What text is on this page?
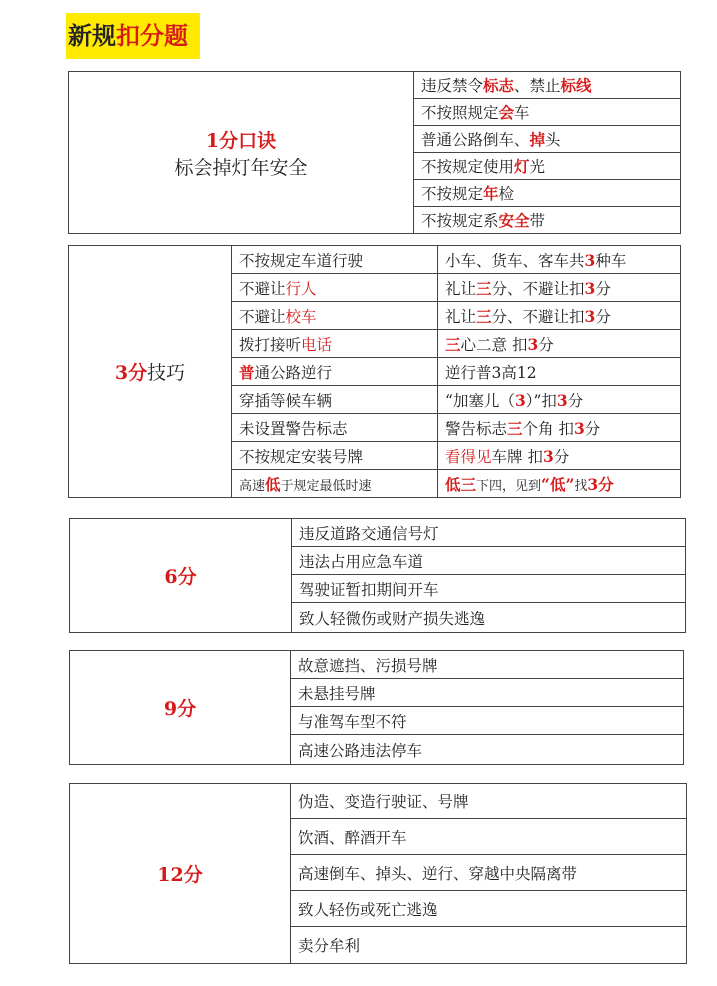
新规扣分题
1分口诀
标会掉灯年安全	违反禁令标志、禁止标线
不按照规定会车
普通公路倒车、掉头
不按规定使用灯光
不按规定年检
不按规定系安全带
3分技巧	不按规定车道行驶	小车、货车、客车共3种车
	不避让行人	礼让三分、不避让扣3分
	不避让校车	礼让三分、不避让扣3分
	拨打接听电话	三心二意 扣3分
	普通公路逆行	逆行普3高12
	穿插等候车辆	“加塞儿（3）”扣3分
	未设置警告标志	警告标志三个角 扣3分
	不按规定安装号牌	看得见车牌 扣3分
	高速低于规定最低时速	低三下四，见到“低”找3分
6分	违反道路交通信号灯
违法占用应急车道
驾驶证暂扣期间开车
致人轻微伤或财产损失逃逸
9分	故意遮挡、污损号牌
未悬挂号牌
与准驾车型不符
高速公路违法停车
12分	伪造、变造行驶证、号牌
饮酒、醉酒开车
高速倒车、掉头、逆行、穿越中央隔离带
致人轻伤或死亡逃逸
卖分牟利
